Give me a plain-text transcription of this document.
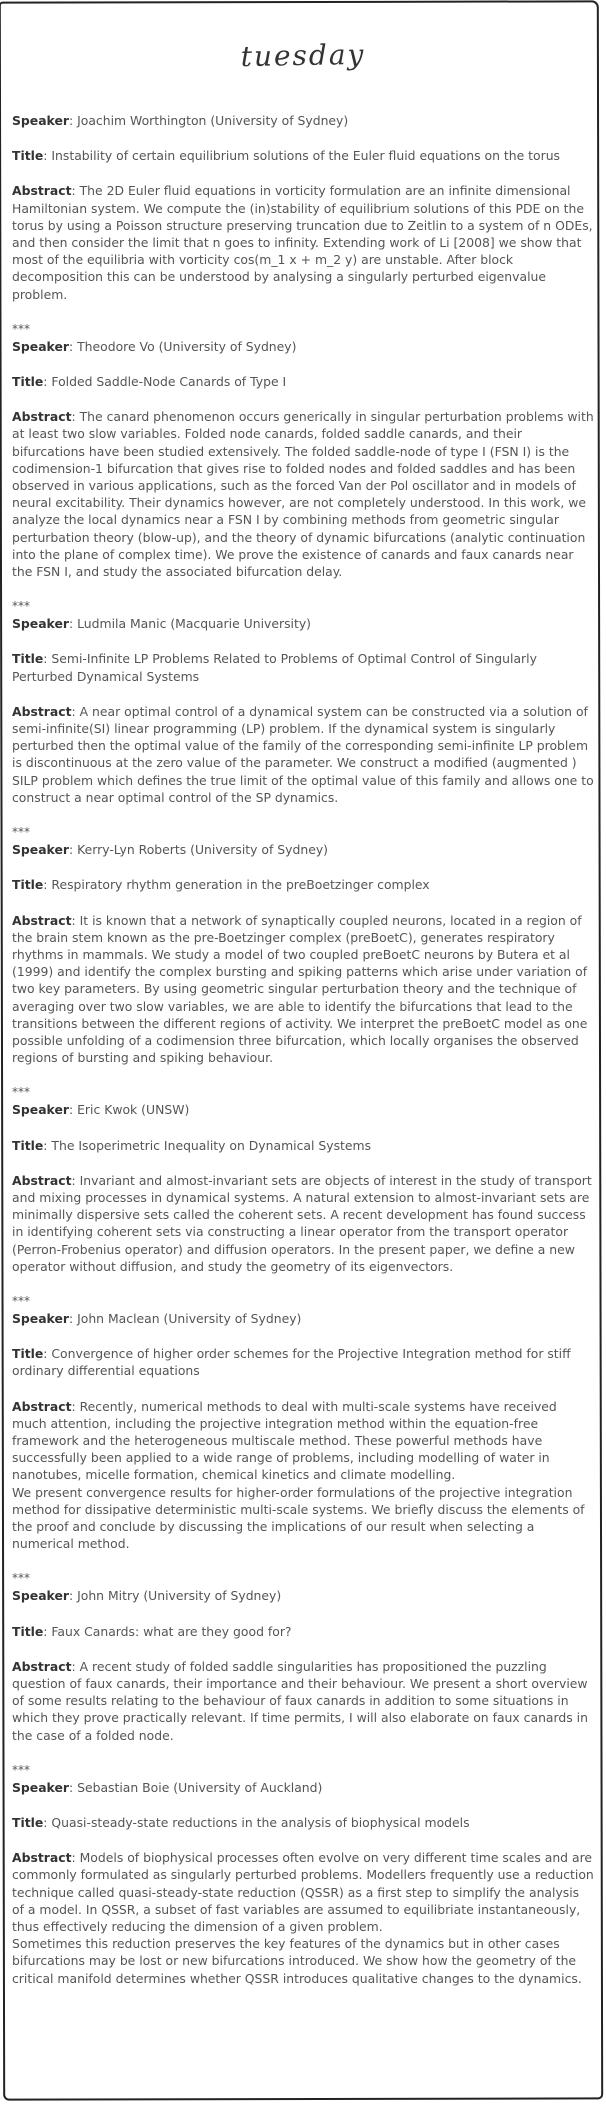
tuesday

Speaker: Joachim Worthington (University of Sydney)

Title: Instability of certain equilibrium solutions of the Euler fluid equations on the torus

Abstract: The 2D Euler fluid equations in vorticity formulation are an infinite dimensional Hamiltonian system. We compute the (in)stability of equilibrium solutions of this PDE on the torus by using a Poisson structure preserving truncation due to Zeitlin to a system of n ODEs, and then consider the limit that n goes to infinity. Extending work of Li [2008] we show that most of the equilibria with vorticity cos(m_1 x + m_2 y) are unstable. After block decomposition this can be understood by analysing a singularly perturbed eigenvalue problem.

***

Speaker: Theodore Vo (University of Sydney)

Title: Folded Saddle-Node Canards of Type I

Abstract: The canard phenomenon occurs generically in singular perturbation problems with at least two slow variables. Folded node canards, folded saddle canards, and their bifurcations have been studied extensively. The folded saddle-node of type I (FSN I) is the codimension-1 bifurcation that gives rise to folded nodes and folded saddles and has been observed in various applications, such as the forced Van der Pol oscillator and in models of neural excitability. Their dynamics however, are not completely understood. In this work, we analyze the local dynamics near a FSN I by combining methods from geometric singular perturbation theory (blow-up), and the theory of dynamic bifurcations (analytic continuation into the plane of complex time). We prove the existence of canards and faux canards near the FSN I, and study the associated bifurcation delay.

***

Speaker: Ludmila Manic (Macquarie University)

Title: Semi-Infinite LP Problems Related to Problems of Optimal Control of Singularly Perturbed Dynamical Systems

Abstract: A near optimal control of a dynamical system can be constructed via a solution of semi-infinite(SI) linear programming (LP) problem. If the dynamical system is singularly perturbed then the optimal value of the family of the corresponding semi-infinite LP problem is discontinuous at the zero value of the parameter. We construct a modified (augmented ) SILP problem which defines the true limit of the optimal value of this family and allows one to construct a near optimal control of the SP dynamics.

***

Speaker: Kerry-Lyn Roberts (University of Sydney)

Title: Respiratory rhythm generation in the preBoetzinger complex

Abstract: It is known that a network of synaptically coupled neurons, located in a region of the brain stem known as the pre-Boetzinger complex (preBoetC), generates respiratory rhythms in mammals. We study a model of two coupled preBoetC neurons by Butera et al (1999) and identify the complex bursting and spiking patterns which arise under variation of two key parameters. By using geometric singular perturbation theory and the technique of averaging over two slow variables, we are able to identify the bifurcations that lead to the transitions between the different regions of activity. We interpret the preBoetC model as one possible unfolding of a codimension three bifurcation, which locally organises the observed regions of bursting and spiking behaviour.

***

Speaker: Eric Kwok (UNSW)

Title: The Isoperimetric Inequality on Dynamical Systems

Abstract: Invariant and almost-invariant sets are objects of interest in the study of transport and mixing processes in dynamical systems. A natural extension to almost-invariant sets are minimally dispersive sets called the coherent sets. A recent development has found success in identifying coherent sets via constructing a linear operator from the transport operator (Perron-Frobenius operator) and diffusion operators. In the present paper, we define a new operator without diffusion, and study the geometry of its eigenvectors.

***

Speaker: John Maclean (University of Sydney)

Title: Convergence of higher order schemes for the Projective Integration method for stiff ordinary differential equations

Abstract: Recently, numerical methods to deal with multi-scale systems have received much attention, including the projective integration method within the equation-free framework and the heterogeneous multiscale method. These powerful methods have successfully been applied to a wide range of problems, including modelling of water in nanotubes, micelle formation, chemical kinetics and climate modelling.

We present convergence results for higher-order formulations of the projective integration method for dissipative deterministic multi-scale systems. We briefly discuss the elements of the proof and conclude by discussing the implications of our result when selecting a numerical method.

***

Speaker: John Mitry (University of Sydney)

Title: Faux Canards: what are they good for?

Abstract: A recent study of folded saddle singularities has propositioned the puzzling question of faux canards, their importance and their behaviour. We present a short overview of some results relating to the behaviour of faux canards in addition to some situations in which they prove practically relevant. If time permits, I will also elaborate on faux canards in the case of a folded node.

***

Speaker: Sebastian Boie (University of Auckland)

Title: Quasi-steady-state reductions in the analysis of biophysical models

Abstract: Models of biophysical processes often evolve on very different time scales and are commonly formulated as singularly perturbed problems. Modellers frequently use a reduction technique called quasi-steady-state reduction (QSSR) as a first step to simplify the analysis of a model. In QSSR, a subset of fast variables are assumed to equilibriate instantaneously, thus effectively reducing the dimension of a given problem.

Sometimes this reduction preserves the key features of the dynamics but in other cases bifurcations may be lost or new bifurcations introduced. We show how the geometry of the critical manifold determines whether QSSR introduces qualitative changes to the dynamics.
